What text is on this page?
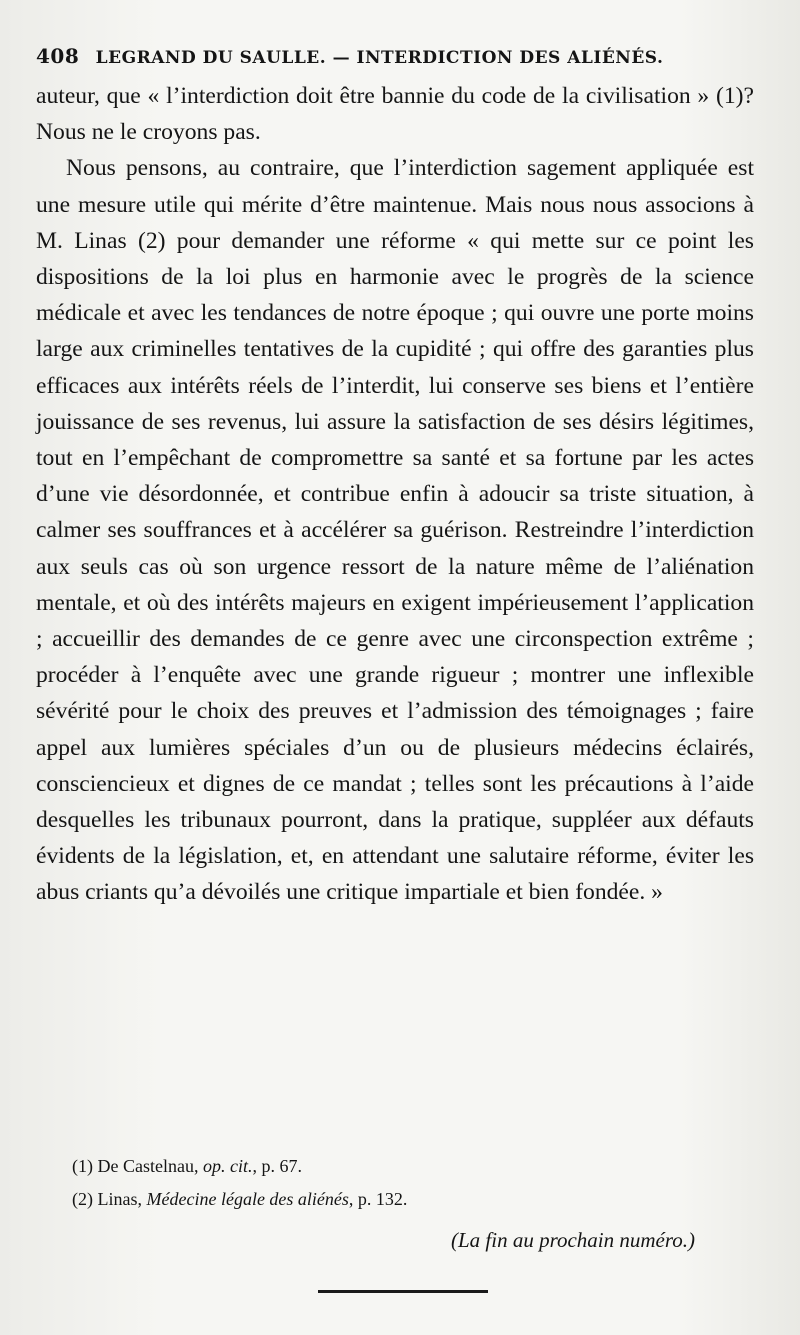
408 LEGRAND DU SAULLE. — INTERDICTION DES ALIÉNÉS.

auteur, que « l’interdiction doit être bannie du code de la civilisation » (1)? Nous ne le croyons pas.

Nous pensons, au contraire, que l’interdiction sagement appliquée est une mesure utile qui mérite d’être maintenue. Mais nous nous associons à M. Linas (2) pour demander une réforme « qui mette sur ce point les dispositions de la loi plus en harmonie avec le progrès de la science médicale et avec les tendances de notre époque ; qui ouvre une porte moins large aux criminelles tentatives de la cupidité ; qui offre des garanties plus efficaces aux intérêts réels de l’interdit, lui conserve ses biens et l’entière jouissance de ses revenus, lui assure la satisfaction de ses désirs légitimes, tout en l’empêchant de compromettre sa santé et sa fortune par les actes d’une vie désordonnée, et contribue enfin à adoucir sa triste situation, à calmer ses souffrances et à accélérer sa guérison. Restreindre l’interdiction aux seuls cas où son urgence ressort de la nature même de l’aliénation mentale, et où des intérêts majeurs en exigent impérieusement l’application ; accueillir des demandes de ce genre avec une circonspection extrême ; procéder à l’enquête avec une grande rigueur ; montrer une inflexible sévérité pour le choix des preuves et l’admission des témoignages ; faire appel aux lumières spéciales d’un ou de plusieurs médecins éclairés, consciencieux et dignes de ce mandat ; telles sont les précautions à l’aide desquelles les tribunaux pourront, dans la pratique, suppléer aux défauts évidents de la législation, et, en attendant une salutaire réforme, éviter les abus criants qu’a dévoilés une critique impartiale et bien fondée. »

(1) De Castelnau, op. cit., p. 67.
(2) Linas, Médecine légale des aliénés, p. 132.
(La fin au prochain numéro.)
